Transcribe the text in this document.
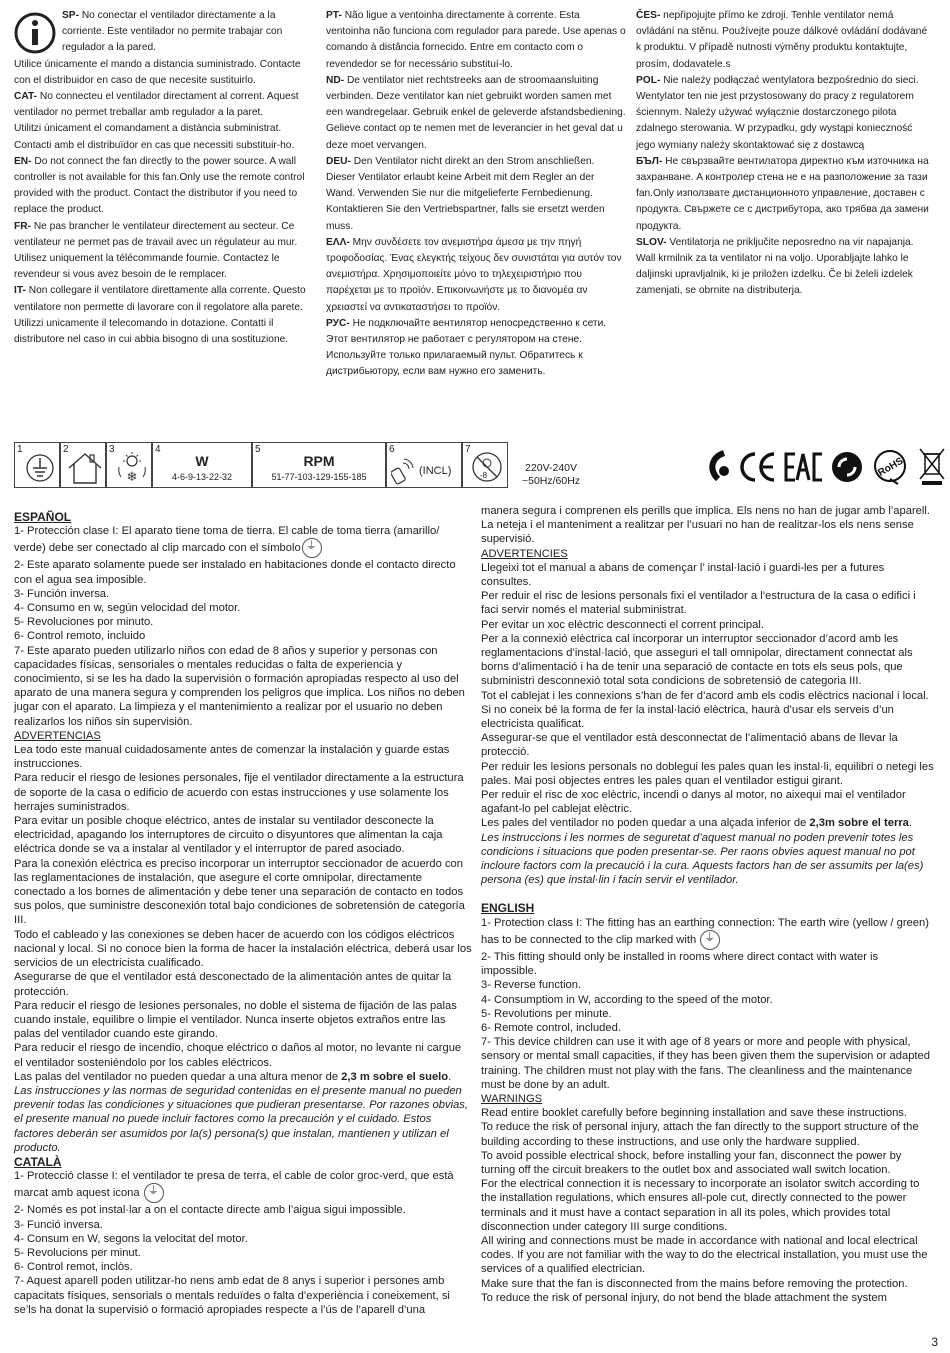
SP- No conectar el ventilador directamente a la corriente. Este ventilador no permite trabajar con regulador a la pared.

Utilice únicamente el mando a distancia suministrado. Contacte con el distribuidor en caso de que necesite sustituirlo.

CAT- No connecteu el ventilador directament al corrent. Aquest ventilador no permet treballar amb regulador a la paret.

Utilitzi únicament el comandament a distància subministrat. Contacti amb el distribuïdor en cas que necessiti substituir-ho.

EN- Do not connect the fan directly to the power source. A wall controller is not available for this fan.Only use the remote control provided with the product. Contact the distributor if you need to replace the product.

FR- Ne pas brancher le ventilateur directement au secteur. Ce ventilateur ne permet pas de travail avec un régulateur au mur. Utilisez uniquement la télécommande fournie. Contactez le revendeur si vous avez besoin de le remplacer.

IT- Non collegare il ventilatore direttamente alla corrente. Questo ventilatore non permette di lavorare con il regolatore alla parete. Utilizzi unicamente il telecomando in dotazione. Contatti il distributore nel caso in cui abbia bisogno di una sostituzione.

PT- Não ligue a ventoinha directamente à corrente. Esta ventoinha não funciona com regulador para parede. Use apenas o comando à distância fornecido. Entre em contacto com o revendedor se for necessário substituí-lo.

ND- De ventilator niet rechtstreeks aan de stroomaansluiting verbinden. Deze ventilator kan niet gebruikt worden samen met een wandregelaar. Gebruik enkel de geleverde afstandsbediening. Gelieve contact op te nemen met de leverancier in het geval dat u deze moet vervangen.

DEU- Den Ventilator nicht direkt an den Strom anschließen. Dieser Ventilator erlaubt keine Arbeit mit dem Regler an der Wand. Verwenden Sie nur die mitgelieferte Fernbedienung. Kontaktieren Sie den Vertriebspartner, falls sie ersetzt werden muss.

ΕΛΛ- Μην συνδέσετε τον ανεμιστήρα άμεσα με την πηγή τροφοδοσίας. Ένας ελεγκτής τείχους δεν συνιστάται για αυτόν τον ανεμιστήρα. Χρησιμοποιείτε μόνο το τηλεχειριστήριο που παρέχεται με το προϊόν. Επικοινωνήστε με το διανομέα αν χρειαστεί να αντικαταστήσει το προϊόν.

РУС- Не подключайте вентилятор непосредственно к сети. Этот вентилятор не работает с регулятором на стене. Используйте только прилагаемый пульт. Обратитесь к дистрибьютору, если вам нужно его заменить.

ČES- nepřipojujte přímo ke zdroji. Tenhle ventilator nemá ovládání na stěnu. Používejte pouze dálkové ovládání dodávané k produktu. V případě nutnosti výměny produktu kontaktujte, prosím, dodavatele.s

POL- Nie należy podłączać wentylatora bezpośrednio do sieci. Wentylator ten nie jest przystosowany do pracy z regulatorem ściennym. Należy używać wyłącznie dostarczonego pilota zdalnego sterowania. W przypadku, gdy wystąpi konieczność jego wymiany należy skontaktować się z dostawcą

БЪЛ- Не свързвайте вентилатора директно към източника на захранване. A контролер стена не е на разположение за тази fan.Only използвате дистанционното управление, доставен с продукта. Свържете се с дистрибутора, ако трябва да замени продукта.

SLOV- Ventilatorja ne priključite neposredno na vir napajanja. Wall krmilnik za ta ventilator ni na voljo. Uporabljajte lahko le daljinski upravljalnik, ki je priložen izdelku. Če bi želeli izdelek zamenjati, se obrnite na distributerja.

1	2	3
❄
4
W
4-6-9-13-22-32
5
RPM
51-77-103-129-155-185
6
(INCL)
7
-8
220V-240V
~50Hz/60Hz
RoHS

ESPAÑOL

1- Protección clase I: El aparato tiene toma de tierra. El cable de toma tierra (amarillo/ verde) debe ser conectado al clip marcado con el símbolo⏚

2- Este aparato solamente puede ser instalado en habitaciones donde el contacto directo con el agua sea imposible.

3- Función inversa.

4- Consumo en w, según velocidad del motor.

5- Revoluciones por minuto.

6- Control remoto, incluido

7- Este aparato pueden utilizarlo niños con edad de 8 años y superior y personas con capacidades físicas, sensoriales o mentales reducidas o falta de experiencia y conocimiento, si se les ha dado la supervisión o formación apropiadas respecto al uso del aparato de una manera segura y comprenden los peligros que implica. Los niños no deben jugar con el aparato. La limpieza y el mantenimiento a realizar por el usuario no deben realizarlos los niños sin supervisión.

ADVERTENCIAS

Lea todo este manual cuidadosamente antes de comenzar la instalación y guarde estas instrucciones.

Para reducir el riesgo de lesiones personales, fije el ventilador directamente a la estructura de soporte de la casa o edificio de acuerdo con estas instrucciones y use solamente los herrajes suministrados.

Para evitar un posible choque eléctrico, antes de instalar su ventilador desconecte la electricidad, apagando los interruptores de circuito o disyuntores que alimentan la caja eléctrica donde se va a instalar al ventilador y el interruptor de pared asociado.

Para la conexión eléctrica es preciso incorporar un interruptor seccionador de acuerdo con las reglamentaciones de instalación, que asegure el corte omnipolar, directamente conectado a los bornes de alimentación y debe tener una separación de contacto en todos sus polos, que suministre desconexión total bajo condiciones de sobretensión de categoría III.

Todo el cableado y las conexiones se deben hacer de acuerdo con los códigos eléctricos nacional y local. Si no conoce bien la forma de hacer la instalación eléctrica, deberá usar los servicios de un electricista cualificado.

Asegurarse de que el ventilador está desconectado de la alimentación antes de quitar la protección.

Para reducir el riesgo de lesiones personales, no doble el sistema de fijación de las palas cuando instale, equilibre o limpie el ventilador. Nunca inserte objetos extraños entre las palas del ventilador cuando este girando.

Para reducir el riesgo de incendio, choque eléctrico o daños al motor, no levante ni cargue el ventilador sosteniéndolo por los cables eléctricos.

Las palas del ventilador no pueden quedar a una altura menor de 2,3 m sobre el suelo.

Las instrucciones y las normas de seguridad contenidas en el presente manual no pueden prevenir todas las condiciones y situaciones que pudieran presentarse. Por razones obvias, el presente manual no puede incluir factores como la precaución y el cuidado. Estos factores deberán ser asumidos por la(s) persona(s) que instalan, mantienen y utilizan el producto.

CATALÀ

1- Protecció classe I: el ventilador te presa de terra, el cable de color groc-verd, que està marcat amb aquest icona ⏚

2- Només es pot instal·lar a on el contacte directe amb l’aigua sigui impossible.

3- Funció inversa.

4- Consum en W, segons la velocitat del motor.

5- Revolucions per minut.

6- Control remot, inclòs.

7- Aquest aparell poden utilitzar-ho nens amb edat de 8 anys i superior i persones amb capacitats físiques, sensorials o mentals reduïdes o falta d’experiència i coneixement, si se’ls ha donat la supervisió o formació apropiades respecte a l’ús de l’aparell d’una

manera segura i comprenen els perills que implica. Els nens no han de jugar amb l’aparell. La neteja i el manteniment a realitzar per l’usuari no han de realitzar-los els nens sense supervisió.

ADVERTENCIES

Llegeixi tot el manual a abans de començar l’ instal·lació i guardi-les per a futures consultes.

Per reduir el risc de lesions personals fixi el ventilador a l’estructura de la casa o edifici i faci servir només el material subministrat.

Per evitar un xoc elèctric desconnecti el corrent principal.

Per a la connexió elèctrica cal incorporar un interruptor seccionador d’acord amb les reglamentacions d’instal·lació, que asseguri el tall omnipolar, directament connectat als borns d’alimentació i ha de tenir una separació de contacte en tots els seus pols, que subministri desconnexió total sota condicions de sobretensió de categoria III.

Tot el cablejat i les connexions s’han de fer d’acord amb els codis elèctrics nacional i local. Si no coneix bé la forma de fer la instal·lació elèctrica, haurà d’usar els serveis d’un electricista qualificat.

Assegurar-se que el ventilador està desconnectat de l’alimentació abans de llevar la protecció.

Per reduir les lesions personals no doblegui les pales quan les instal·li, equilibri o netegi les pales. Mai posi objectes entres les pales quan el ventilador estigui girant.

Per reduir el risc de xoc elèctric, incendi o danys al motor, no aixequi mai el ventilador agafant-lo pel cablejat elèctric.

Les pales del ventilador no poden quedar a una alçada inferior de 2,3m sobre el terra.

Les instruccions i les normes de seguretat d’aquest manual no poden prevenir totes les condicions i situacions que poden presentar-se. Per raons obvies aquest manual no pot incloure factors com la precaució i la cura. Aquests factors han de ser assumits per la(es) persona (es) que instal·lin i facin servir el ventilador.

ENGLISH

1- Protection class I: The fitting has an earthing connection: The earth wire (yellow / green) has to be connected to the clip marked with ⏚

2- This fitting should only be installed in rooms where direct contact with water is impossible.

3- Reverse function.

4- Consumptiom in W, according to the speed of the motor.

5- Revolutions per minute.

6- Remote control, included.

7- This device children can use it with age of 8 years or more and people with physical, sensory or mental small capacities, if they has been given them the supervision or adapted training. The children must not play with the fans. The cleanliness and the maintenance must be done by an adult.

WARNINGS

Read entire booklet carefully before beginning installation and save these instructions.

To reduce the risk of personal injury, attach the fan directly to the support structure of the building according to these instructions, and use only the hardware supplied.

To avoid possible electrical shock, before installing your fan, disconnect the power by turning off the circuit breakers to the outlet box and associated wall switch location.

For the electrical connection it is necessary to incorporate an isolator switch according to the installation regulations, which ensures all-pole cut, directly connected to the power terminals and it must have a contact separation in all its poles, which provides total disconnection under category III surge conditions.

All wiring and connections must be made in accordance with national and local electrical codes. If you are not familiar with the way to do the electrical installation, you must use the services of a qualified electrician.

Make sure that the fan is disconnected from the mains before removing the protection.

To reduce the risk of personal injury, do not bend the blade attachment the system

3
